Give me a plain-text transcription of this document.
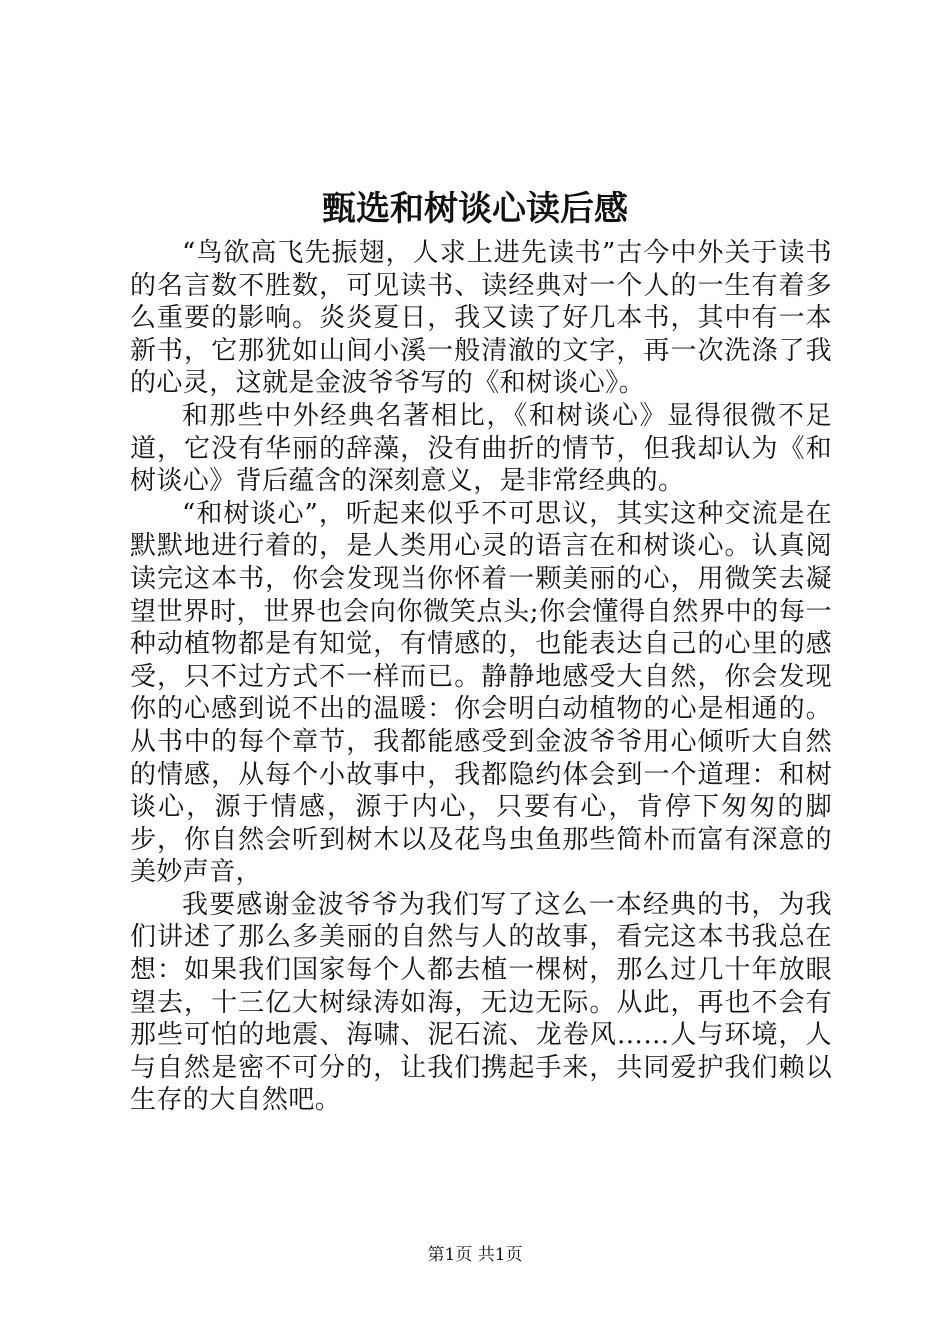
甄选和树谈心读后感

“鸟欲高飞先振翅，人求上进先读书”古今中外关于读书的名言数不胜数，可见读书、读经典对一个人的一生有着多么重要的影响。炎炎夏日，我又读了好几本书，其中有一本新书，它那犹如山间小溪一般清澈的文字，再一次洗涤了我的心灵，这就是金波爷爷写的《和树谈心》。

和那些中外经典名著相比，《和树谈心》显得很微不足道，它没有华丽的辞藻，没有曲折的情节，但我却认为《和树谈心》背后蕴含的深刻意义，是非常经典的。

“和树谈心”，听起来似乎不可思议，其实这种交流是在默默地进行着的，是人类用心灵的语言在和树谈心。认真阅读完这本书，你会发现当你怀着一颗美丽的心，用微笑去凝望世界时，世界也会向你微笑点头;你会懂得自然界中的每一种动植物都是有知觉，有情感的，也能表达自己的心里的感受，只不过方式不一样而已。静静地感受大自然，你会发现你的心感到说不出的温暖：你会明白动植物的心是相通的。从书中的每个章节，我都能感受到金波爷爷用心倾听大自然的情感，从每个小故事中，我都隐约体会到一个道理：和树谈心，源于情感，源于内心，只要有心，肯停下匆匆的脚步，你自然会听到树木以及花鸟虫鱼那些简朴而富有深意的美妙声音，

我要感谢金波爷爷为我们写了这么一本经典的书，为我们讲述了那么多美丽的自然与人的故事，看完这本书我总在想：如果我们国家每个人都去植一棵树，那么过几十年放眼望去，十三亿大树绿涛如海，无边无际。从此，再也不会有那些可怕的地震、海啸、泥石流、龙卷风……人与环境，人与自然是密不可分的，让我们携起手来，共同爱护我们赖以生存的大自然吧。

第1页 共1页
